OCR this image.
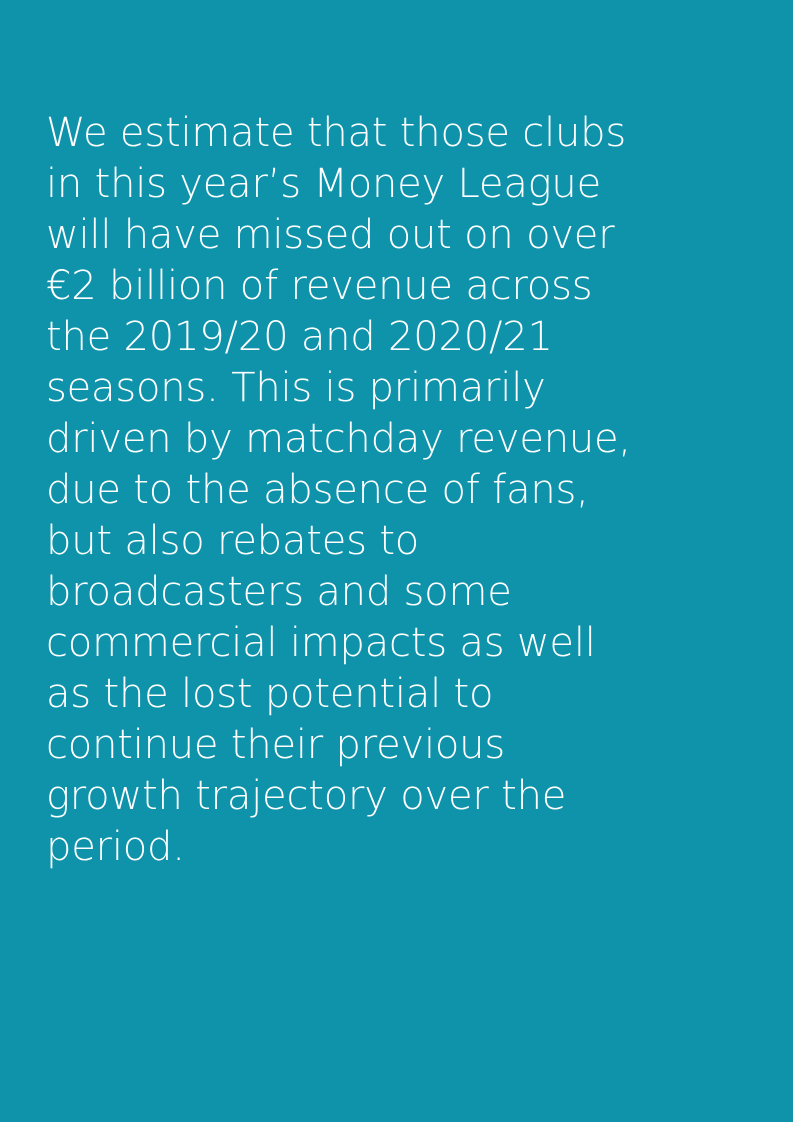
We estimate that those clubs in this year’s Money League will have missed out on over €2 billion of revenue across the 2019/20 and 2020/21 seasons. This is primarily driven by matchday revenue, due to the absence of fans, but also rebates to broadcasters and some commercial impacts as well as the lost potential to continue their previous growth trajectory over the period.
